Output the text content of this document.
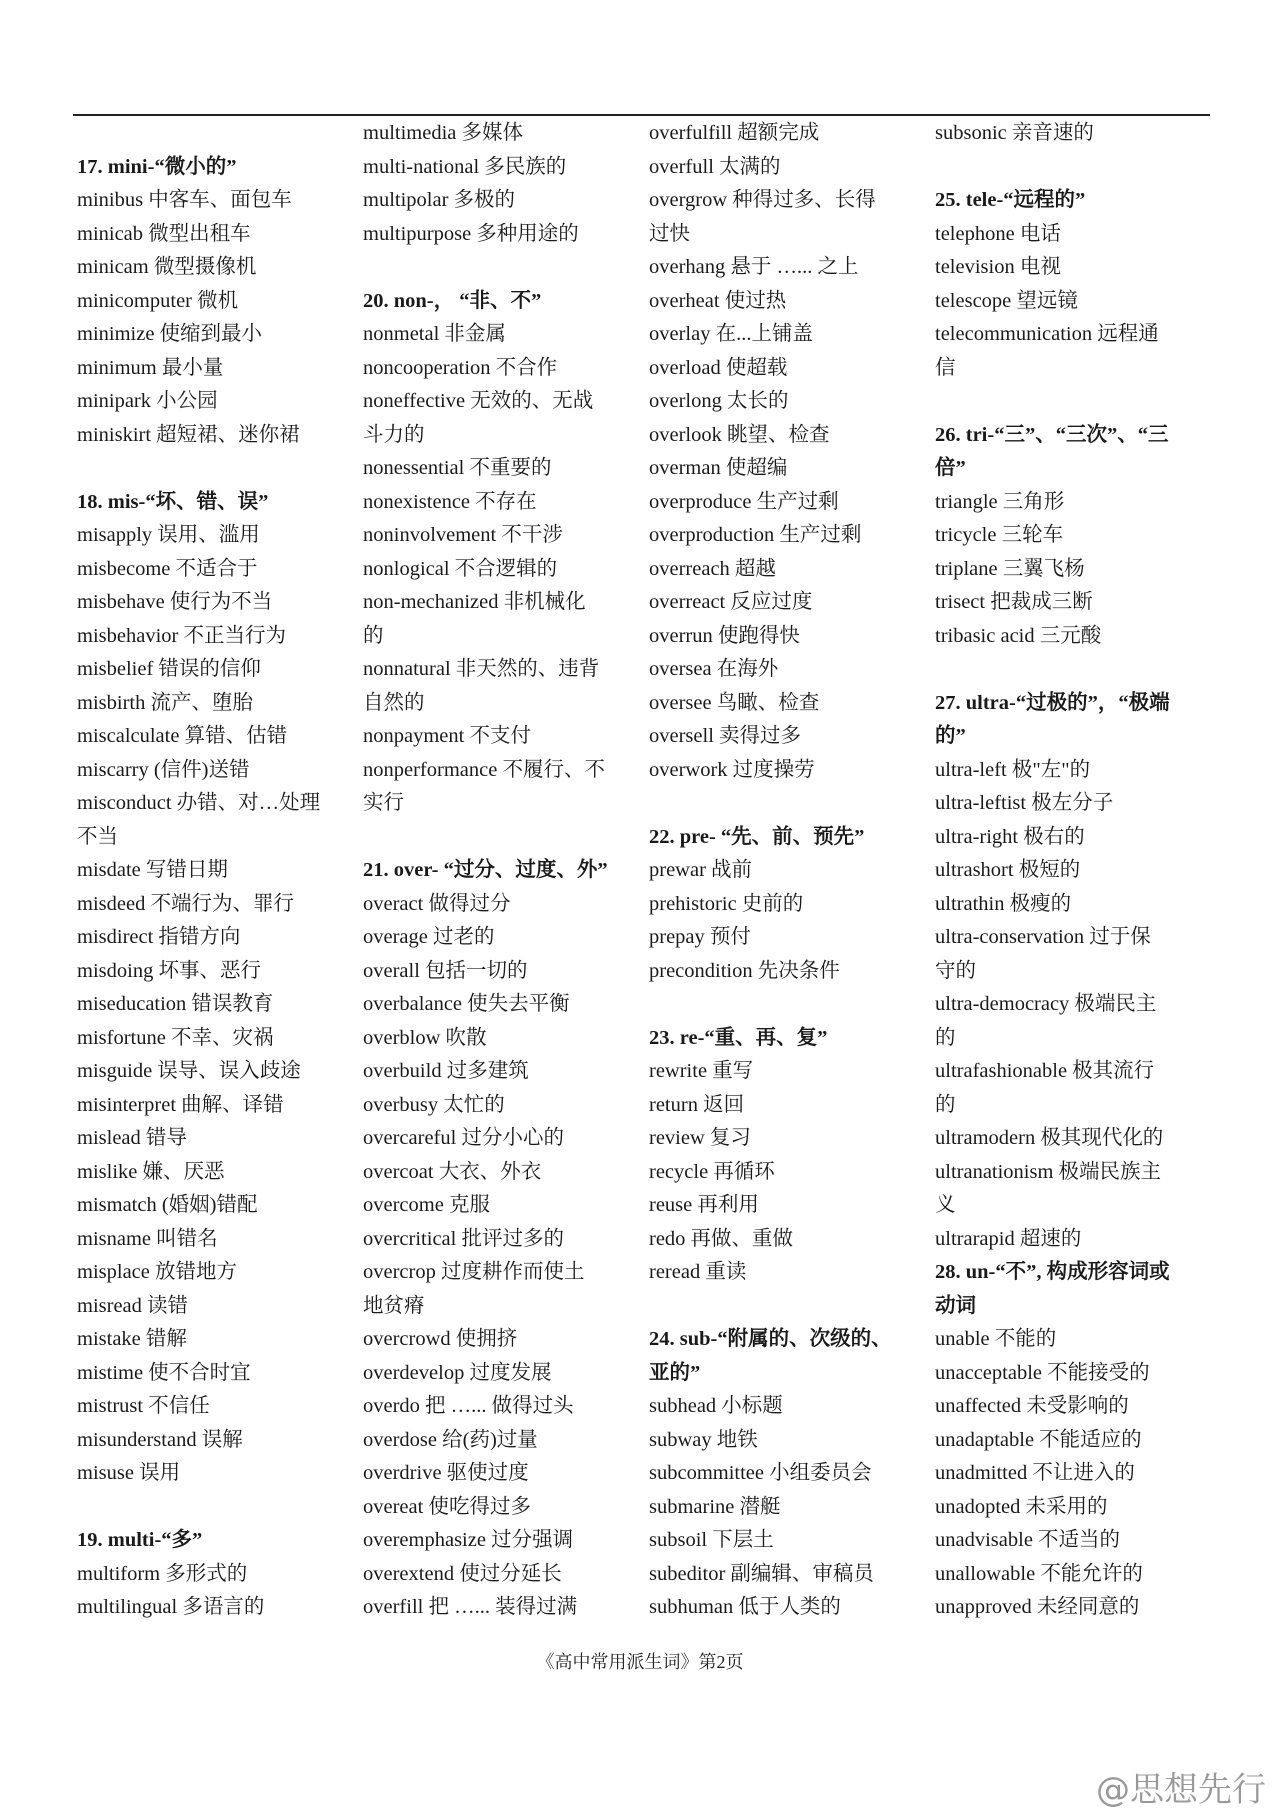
17. mini-“微小的”
minibus 中客车、面包车
minicab 微型出租车
minicam 微型摄像机
minicomputer 微机
minimize 使缩到最小
minimum 最小量
minipark 小公园
miniskirt 超短裙、迷你裙
18. mis-“坏、错、误”
misapply 误用、滥用
misbecome 不适合于
misbehave 使行为不当
misbehavior 不正当行为
misbelief 错误的信仰
misbirth 流产、堕胎
miscalculate 算错、估错
miscarry (信件)送错
misconduct 办错、对…处理
不当
misdate 写错日期
misdeed 不端行为、罪行
misdirect 指错方向
misdoing 坏事、恶行
miseducation 错误教育
misfortune 不幸、灾祸
misguide 误导、误入歧途
misinterpret 曲解、译错
mislead 错导
mislike 嫌、厌恶
mismatch (婚姻)错配
misname 叫错名
misplace 放错地方
misread 读错
mistake 错解
mistime 使不合时宜
mistrust 不信任
misunderstand 误解
misuse 误用
19. multi-“多”
multiform 多形式的
multilingual 多语言的
multimedia 多媒体
multi-national 多民族的
multipolar 多极的
multipurpose 多种用途的
20. non-， “非、不”
nonmetal 非金属
noncooperation 不合作
noneffective 无效的、无战
斗力的
nonessential 不重要的
nonexistence 不存在
noninvolvement 不干涉
nonlogical 不合逻辑的
non-mechanized 非机械化
的
nonnatural 非天然的、违背
自然的
nonpayment 不支付
nonperformance 不履行、不
实行
21. over- “过分、过度、外”
overact 做得过分
overage 过老的
overall 包括一切的
overbalance 使失去平衡
overblow 吹散
overbuild 过多建筑
overbusy 太忙的
overcareful 过分小心的
overcoat 大衣、外衣
overcome 克服
overcritical 批评过多的
overcrop 过度耕作而使土
地贫瘠
overcrowd 使拥挤
overdevelop 过度发展
overdo 把 …... 做得过头
overdose 给(药)过量
overdrive 驱使过度
overeat 使吃得过多
overemphasize 过分强调
overextend 使过分延长
overfill 把 …... 装得过满
overfulfill 超额完成
overfull 太满的
overgrow 种得过多、长得
过快
overhang 悬于 …... 之上
overheat 使过热
overlay 在...上铺盖
overload 使超载
overlong 太长的
overlook 眺望、检查
overman 使超编
overproduce 生产过剩
overproduction 生产过剩
overreach 超越
overreact 反应过度
overrun 使跑得快
oversea 在海外
oversee 鸟瞰、检查
oversell 卖得过多
overwork 过度操劳
22. pre- “先、前、预先”
prewar 战前
prehistoric 史前的
prepay 预付
precondition 先决条件
23. re-“重、再、复”
rewrite 重写
return 返回
review 复习
recycle 再循环
reuse 再利用
redo 再做、重做
reread 重读
24. sub-“附属的、次级的、
亚的”
subhead 小标题
subway 地铁
subcommittee 小组委员会
submarine 潜艇
subsoil 下层土
subeditor 副编辑、审稿员
subhuman 低于人类的
subsonic 亲音速的
25. tele-“远程的”
telephone 电话
television 电视
telescope 望远镜
telecommunication 远程通
信
26. tri-“三”、“三次”、“三
倍”
triangle 三角形
tricycle 三轮车
triplane 三翼飞杨
trisect 把裁成三断
tribasic acid 三元酸
27. ultra-“过极的”，“极端
的”
ultra-left 极"左"的
ultra-leftist 极左分子
ultra-right 极右的
ultrashort 极短的
ultrathin 极瘦的
ultra-conservation 过于保
守的
ultra-democracy 极端民主
的
ultrafashionable 极其流行
的
ultramodern 极其现代化的
ultranationism 极端民族主
义
ultrarapid 超速的
28. un-“不”, 构成形容词或
动词
unable 不能的
unacceptable 不能接受的
unaffected 未受影响的
unadaptable 不能适应的
unadmitted 不让进入的
unadopted 未采用的
unadvisable 不适当的
unallowable 不能允许的
unapproved 未经同意的
《高中常用派生词》第2页
@思想先行
